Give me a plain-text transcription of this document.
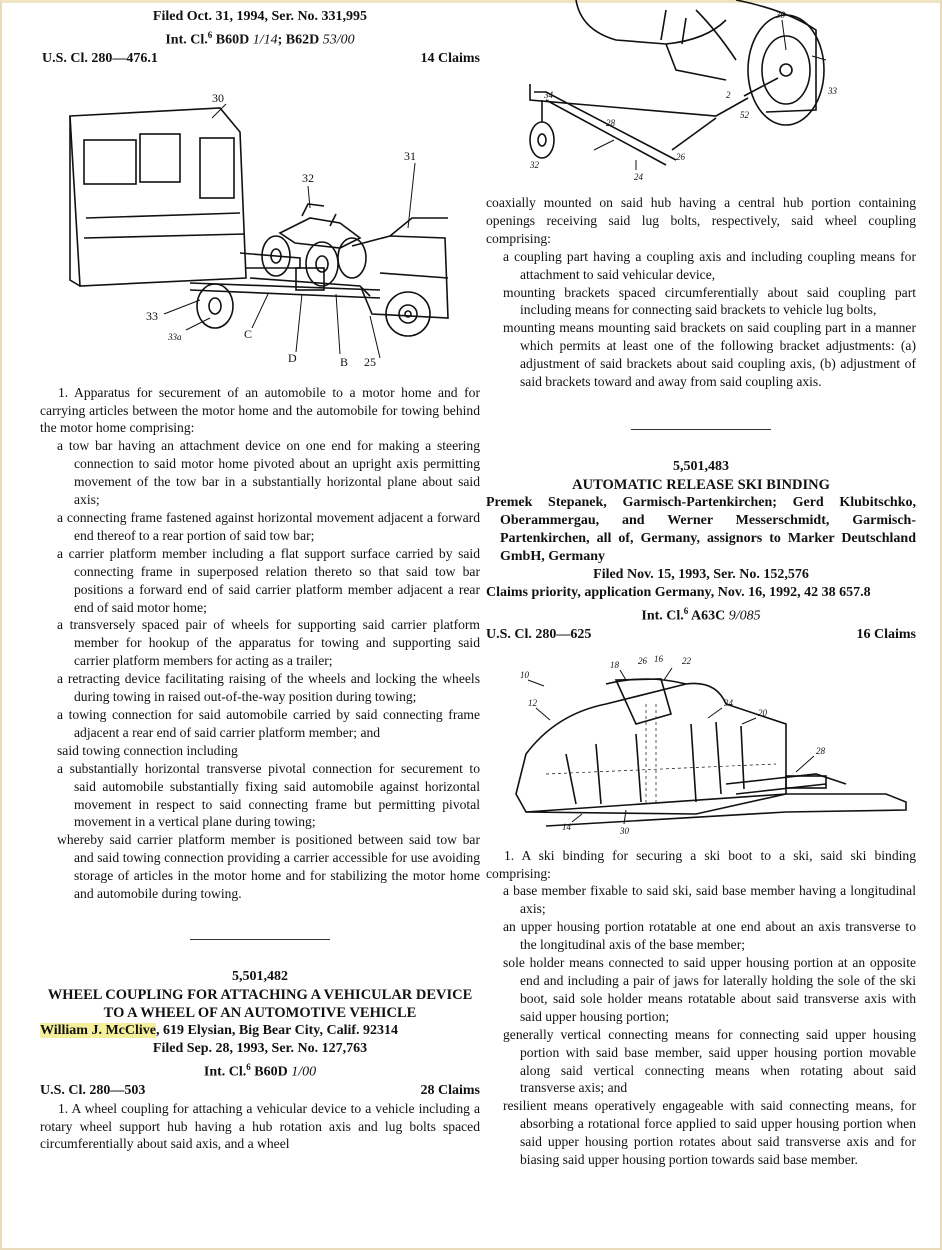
Filed Oct. 31, 1994, Ser. No. 331,995
Int. Cl.$^6$ B60D 1/14; B62D 53/00
U.S. Cl. 280—476.1	14 Claims
30
32
31
33
33a	C
D	B 25

1. Apparatus for securement of an automobile to a motor home and for carrying articles between the motor home and the automobile for towing behind the motor home comprising:

a tow bar having an attachment device on one end for making a steering connection to said motor home pivoted about an upright axis permitting movement of the tow bar in a substantially horizontal plane about said axis;

a connecting frame fastened against horizontal movement adjacent a forward end thereof to a rear portion of said tow bar;

a carrier platform member including a flat support surface carried by said connecting frame in superposed relation thereto so that said tow bar positions a forward end of said carrier platform member adjacent a rear end of said motor home;

a transversely spaced pair of wheels for supporting said carrier platform member for hookup of the apparatus for towing and supporting said carrier platform members for acting as a trailer;

a retracting device facilitating raising of the wheels and locking the wheels during towing in raised out-of-the-way position during towing;

a towing connection for said automobile carried by said connecting frame adjacent a rear end of said carrier platform member; and

said towing connection including

a substantially horizontal transverse pivotal connection for securement to said automobile substantially fixing said automobile against horizontal movement in respect to said connecting frame but permitting pivotal movement in a vertical plane during towing;

whereby said carrier platform member is positioned between said tow bar and said towing connection providing a carrier accessible for use avoiding storage of articles in the motor home and for stabilizing the motor home and automobile during towing.

5,501,482
WHEEL COUPLING FOR ATTACHING A VEHICULAR DEVICE TO A WHEEL OF AN AUTOMOTIVE VEHICLE
William J. McClive, 619 Elysian, Big Bear City, Calif. 92314
Filed Sep. 28, 1993, Ser. No. 127,763
Int. Cl.$^6$ B60D 1/00
U.S. Cl. 280—503	28 Claims

1. A wheel coupling for attaching a vehicular device to a vehicle including a rotary wheel support hub having a hub rotation axis and lug bolts spaced circumferentially about said axis, and a wheel

30
34
28
32
24
26
2
52
33

coaxially mounted on said hub having a central hub portion containing openings receiving said lug bolts, respectively, said wheel coupling comprising:

a coupling part having a coupling axis and including coupling means for attachment to said vehicular device,

mounting brackets spaced circumferentially about said coupling part including means for connecting said brackets to vehicle lug bolts,

mounting means mounting said brackets on said coupling part in a manner which permits at least one of the following bracket adjustments: (a) adjustment of said brackets about said coupling axis, (b) adjustment of said brackets toward and away from said coupling axis.

5,501,483
AUTOMATIC RELEASE SKI BINDING

Premek Stepanek, Garmisch-Partenkirchen; Gerd Klubitschko, Oberammergau, and Werner Messerschmidt, Garmisch-Partenkirchen, all of, Germany, assignors to Marker Deutschland GmbH, Germany

Filed Nov. 15, 1993, Ser. No. 152,576

Claims priority, application Germany, Nov. 16, 1992, 42 38 657.8

Int. Cl.$^6$ A63C 9/085
U.S. Cl. 280—625	16 Claims
26 16
18	22
10
12	34
20
28
14	30

1. A ski binding for securing a ski boot to a ski, said ski binding comprising:

a base member fixable to said ski, said base member having a longitudinal axis;

an upper housing portion rotatable at one end about an axis transverse to the longitudinal axis of the base member;

sole holder means connected to said upper housing portion at an opposite end and including a pair of jaws for laterally holding the sole of the ski boot, said sole holder means rotatable about said transverse axis with said upper housing portion;

generally vertical connecting means for connecting said upper housing portion with said base member, said upper housing portion movable along said vertical connecting means when rotating about said transverse axis; and

resilient means operatively engageable with said connecting means, for absorbing a rotational force applied to said upper housing portion when said upper housing portion rotates about said transverse axis and for biasing said upper housing portion towards said base member.
